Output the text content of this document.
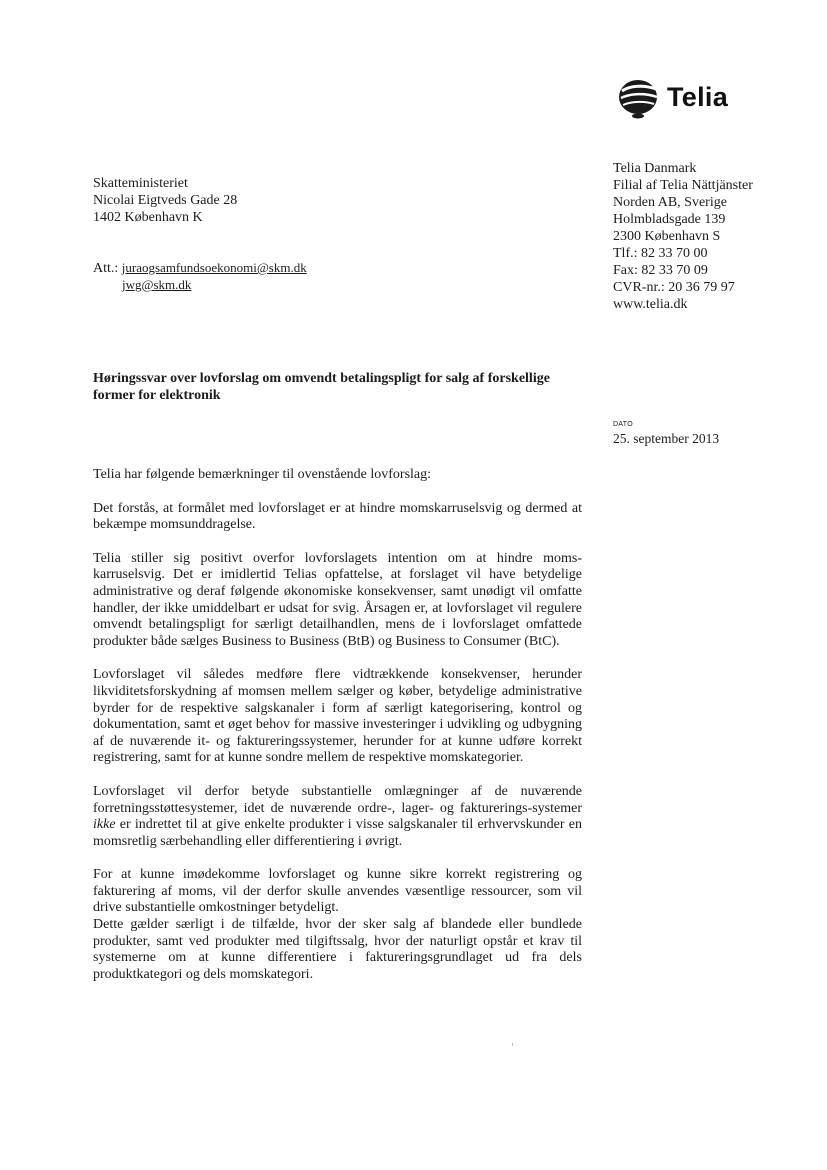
Telia
Skatteministeriet
Nicolai Eigtveds Gade 28
1402 København K
Att.: juraogsamfundsoekonomi@skm.dk
jwg@skm.dk
Telia Danmark
Filial af Telia Nättjänster
Norden AB, Sverige
Holmbladsgade 139
2300 København S
Tlf.: 82 33 70 00
Fax: 82 33 70 09
CVR-nr.: 20 36 79 97
www.telia.dk
Høringssvar over lovforslag om omvendt betalingspligt for salg af forskellige former for elektronik
DATO
25. september 2013

Telia har følgende bemærkninger til ovenstående lovforslag:

Det forstås, at formålet med lovforslaget er at hindre momskarruselsvig og dermed at bekæmpe momsunddragelse.

Telia stiller sig positivt overfor lovforslagets intention om at hindre moms-karruselsvig. Det er imidlertid Telias opfattelse, at forslaget vil have betydelige administrative og deraf følgende økonomiske konsekvenser, samt unødigt vil omfatte handler, der ikke umiddelbart er udsat for svig. Årsagen er, at lovforslaget vil regulere omvendt betalingspligt for særligt detailhandlen, mens de i lovforslaget omfattede produkter både sælges Business to Business (BtB) og Business to Consumer (BtC).

Lovforslaget vil således medføre flere vidtrækkende konsekvenser, herunder likviditetsforskydning af momsen mellem sælger og køber, betydelige administrative byrder for de respektive salgskanaler i form af særligt kategorisering, kontrol og dokumentation, samt et øget behov for massive investeringer i udvikling og udbygning af de nuværende it- og faktureringssystemer, herunder for at kunne udføre korrekt registrering, samt for at kunne sondre mellem de respektive momskategorier.

Lovforslaget vil derfor betyde substantielle omlægninger af de nuværende forretningsstøttesystemer, idet de nuværende ordre-, lager- og fakturerings-systemer ikke er indrettet til at give enkelte produkter i visse salgskanaler til erhvervskunder en momsretlig særbehandling eller differentiering i øvrigt.

For at kunne imødekomme lovforslaget og kunne sikre korrekt registrering og fakturering af moms, vil der derfor skulle anvendes væsentlige ressourcer, som vil drive substantielle omkostninger betydeligt.

Dette gælder særligt i de tilfælde, hvor der sker salg af blandede eller bundlede produkter, samt ved produkter med tilgiftssalg, hvor der naturligt opstår et krav til systemerne om at kunne differentiere i faktureringsgrundlaget ud fra dels produktkategori og dels momskategori.
